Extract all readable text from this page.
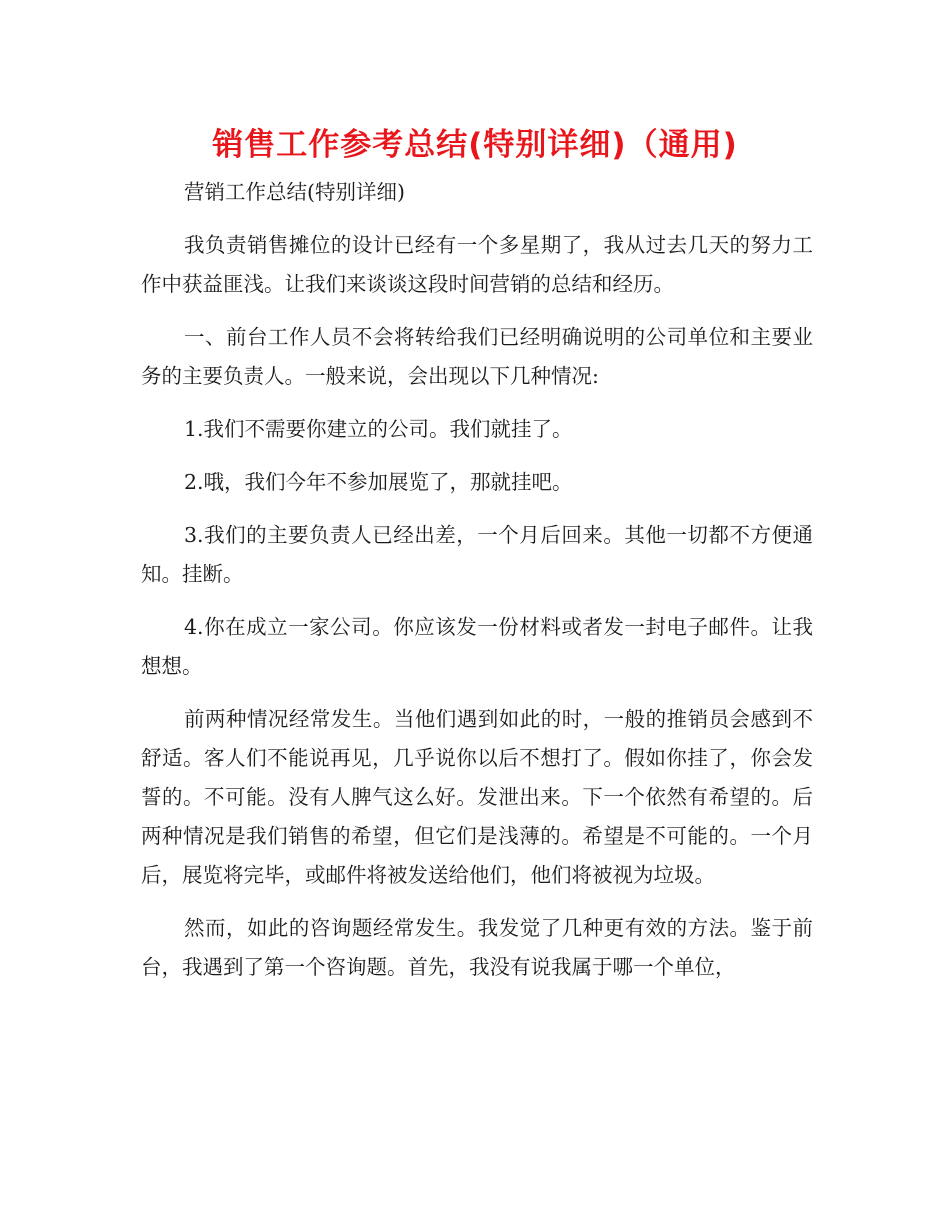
销售工作参考总结(特别详细)（通用)

营销工作总结(特别详细)

我负责销售摊位的设计已经有一个多星期了，我从过去几天的努力工作中获益匪浅。让我们来谈谈这段时间营销的总结和经历。

一、前台工作人员不会将转给我们已经明确说明的公司单位和主要业务的主要负责人。一般来说，会出现以下几种情况:

1.我们不需要你建立的公司。我们就挂了。

2.哦，我们今年不参加展览了，那就挂吧。

3.我们的主要负责人已经出差，一个月后回来。其他一切都不方便通知。挂断。

4.你在成立一家公司。你应该发一份材料或者发一封电子邮件。让我想想。

前两种情况经常发生。当他们遇到如此的时，一般的推销员会感到不舒适。客人们不能说再见，几乎说你以后不想打了。假如你挂了，你会发誓的。不可能。没有人脾气这么好。发泄出来。下一个依然有希望的。后两种情况是我们销售的希望，但它们是浅薄的。希望是不可能的。一个月后，展览将完毕，或邮件将被发送给他们，他们将被视为垃圾。

然而，如此的咨询题经常发生。我发觉了几种更有效的方法。鉴于前台，我遇到了第一个咨询题。首先，我没有说我属于哪一个单位，
